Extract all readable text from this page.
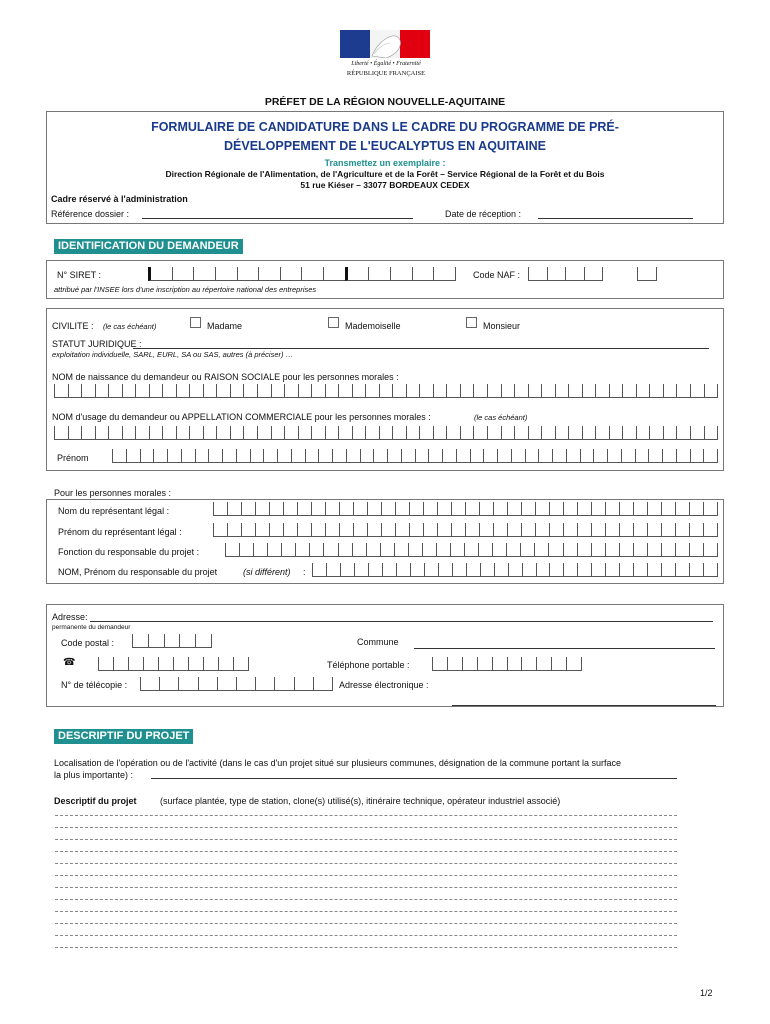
Liberté • Égalité • Fraternité
RÉPUBLIQUE FRANÇAISE
PRÉFET DE LA RÉGION NOUVELLE-AQUITAINE
FORMULAIRE DE CANDIDATURE DANS LE CADRE DU PROGRAMME DE PRÉ-
DÉVELOPPEMENT DE L'EUCALYPTUS EN AQUITAINE
Transmettez un exemplaire :
Direction Régionale de l'Alimentation, de l'Agriculture et de la Forêt – Service Régional de la Forêt et du Bois
51 rue Kiéser – 33077 BORDEAUX CEDEX
Cadre réservé à l'administration
Référence dossier :	Date de réception :
IDENTIFICATION DU DEMANDEUR
N° SIRET :	Code NAF :
attribué par l'INSEE lors d'une inscription au répertoire national des entreprises
CIVILITE : (le cas échéant)	Madame	Mademoiselle	Monsieur
STATUT JURIDIQUE :
exploitation individuelle, SARL, EURL, SA ou SAS, autres (à préciser) …
NOM de naissance du demandeur ou RAISON SOCIALE pour les personnes morales :
NOM d'usage du demandeur ou APPELLATION COMMERCIALE pour les personnes morales :	(le cas échéant)
Prénom
Pour les personnes morales :
Nom du représentant légal :
Prénom du représentant légal :
Fonction du responsable du projet :
NOM, Prénom du responsable du projet	(si différent) :
Adresse:
permanente du demandeur
Code postal :	Commune
☎	Téléphone portable :
N° de télécopie :	Adresse électronique :
DESCRIPTIF DU PROJET
Localisation de l'opération ou de l'activité (dans le cas d'un projet situé sur plusieurs communes, désignation de la commune portant la surface
la plus importante) :
Descriptif du projet	(surface plantée, type de station, clone(s) utilisé(s), itinéraire technique, opérateur industriel associé)
1/2
